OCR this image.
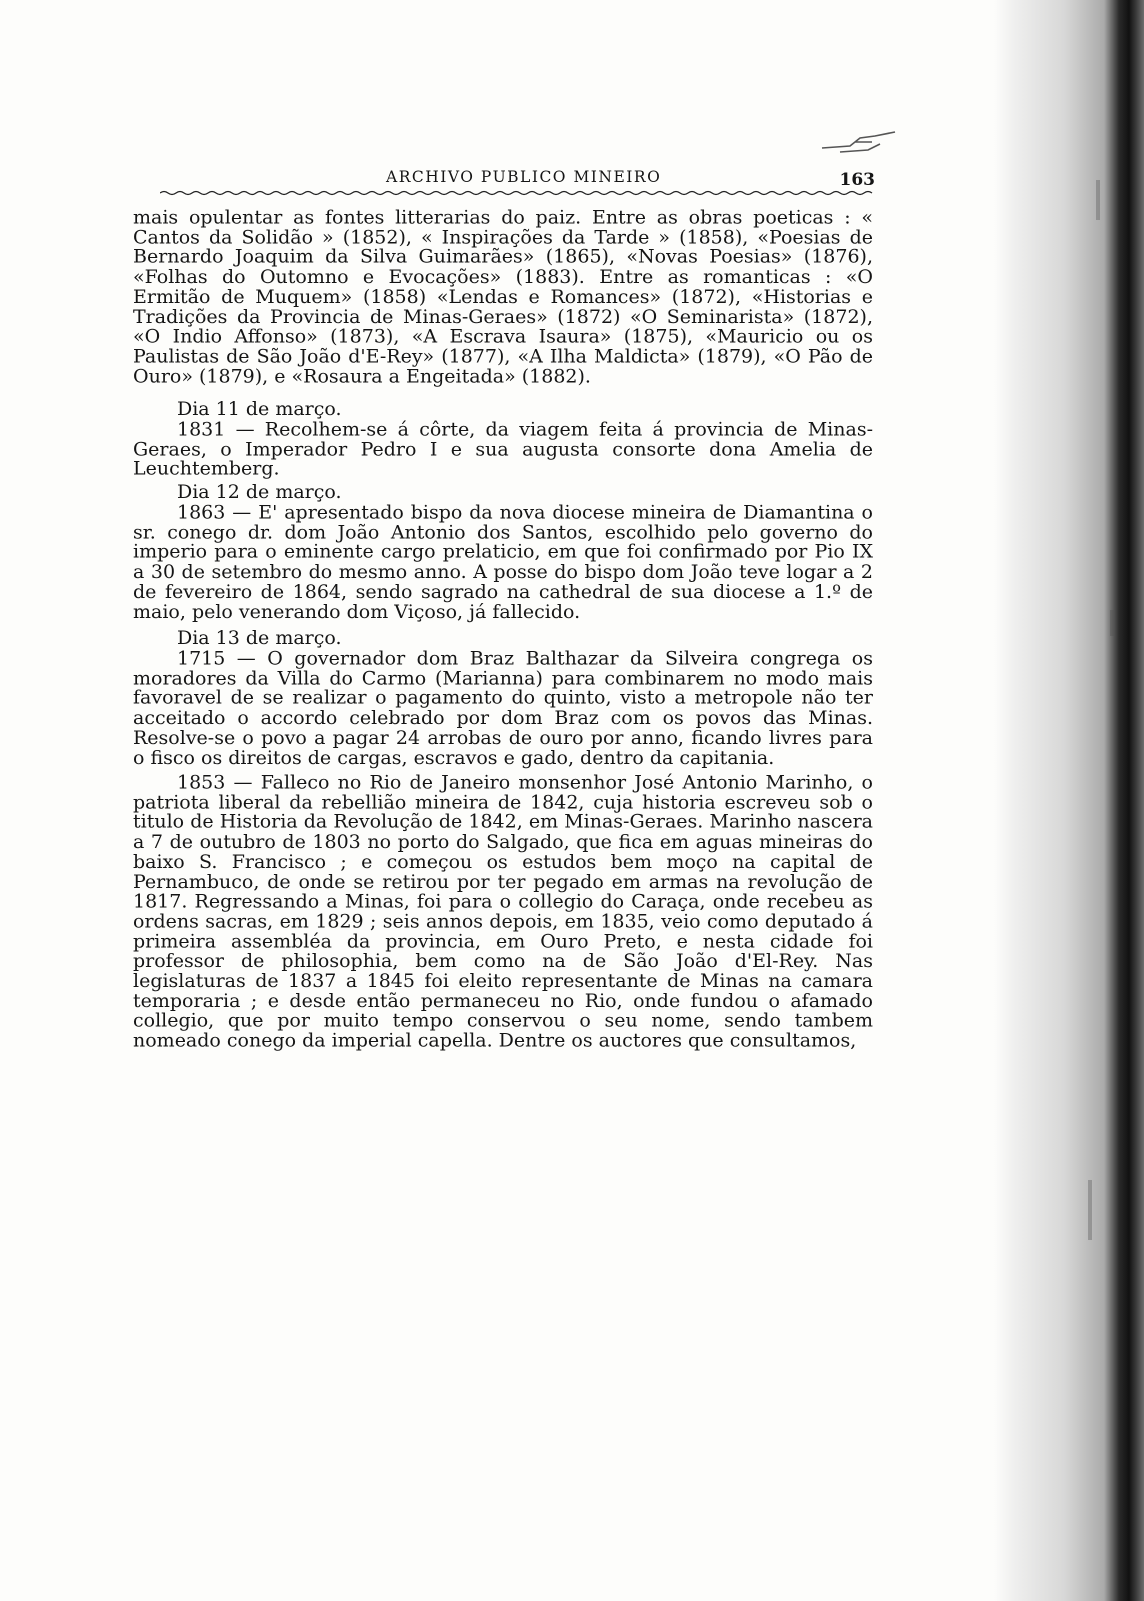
ARCHIVO PUBLICO MINEIRO	163

mais opulentar as fontes litterarias do paiz. Entre as obras poeticas : « Cantos da Solidão » (1852), « Inspirações da Tarde » (1858), «Poesias de Bernardo Joaquim da Silva Guimarães» (1865), «Novas Poesias» (1876), «Folhas do Outomno e Evocações» (1883). Entre as romanticas : «O Ermitão de Muquem» (1858) «Lendas e Romances» (1872), «Historias e Tradições da Provincia de Minas-Geraes» (1872) «O Seminarista» (1872), «O Indio Affonso» (1873), «A Escrava Isaura» (1875), «Mauricio ou os Paulistas de São João d'E-Rey» (1877), «A Ilha Maldicta» (1879), «O Pão de Ouro» (1879), e «Rosaura a Engeitada» (1882).

Dia 11 de março.

1831 — Recolhem-se á côrte, da viagem feita á provincia de Minas-Geraes, o Imperador Pedro I e sua augusta consorte dona Amelia de Leuchtemberg.

Dia 12 de março.

1863 — E' apresentado bispo da nova diocese mineira de Diamantina o sr. conego dr. dom João Antonio dos Santos, escolhido pelo governo do imperio para o eminente cargo prelaticio, em que foi confirmado por Pio IX a 30 de setembro do mesmo anno. A posse do bispo dom João teve logar a 2 de fevereiro de 1864, sendo sagrado na cathedral de sua diocese a 1.º de maio, pelo venerando dom Viçoso, já fallecido.

Dia 13 de março.

1715 — O governador dom Braz Balthazar da Silveira congrega os moradores da Villa do Carmo (Marianna) para combinarem no modo mais favoravel de se realizar o pagamento do quinto, visto a metropole não ter acceitado o accordo celebrado por dom Braz com os povos das Minas. Resolve-se o povo a pagar 24 arrobas de ouro por anno, ficando livres para o fisco os direitos de cargas, escravos e gado, dentro da capitania.

1853 — Falleco no Rio de Janeiro monsenhor José Antonio Marinho, o patriota liberal da rebellião mineira de 1842, cuja historia escreveu sob o titulo de Historia da Revolução de 1842, em Minas-Geraes. Marinho nascera a 7 de outubro de 1803 no porto do Salgado, que fica em aguas mineiras do baixo S. Francisco ; e começou os estudos bem moço na capital de Pernambuco, de onde se retirou por ter pegado em armas na revolução de 1817. Regressando a Minas, foi para o collegio do Caraça, onde recebeu as ordens sacras, em 1829 ; seis annos depois, em 1835, veio como deputado á primeira assembléa da provincia, em Ouro Preto, e nesta cidade foi professor de philosophia, bem como na de São João d'El-Rey. Nas legislaturas de 1837 a 1845 foi eleito representante de Minas na camara temporaria ; e desde então permaneceu no Rio, onde fundou o afamado collegio, que por muito tempo conservou o seu nome, sendo tambem nomeado conego da imperial capella. Dentre os auctores que consultamos,
